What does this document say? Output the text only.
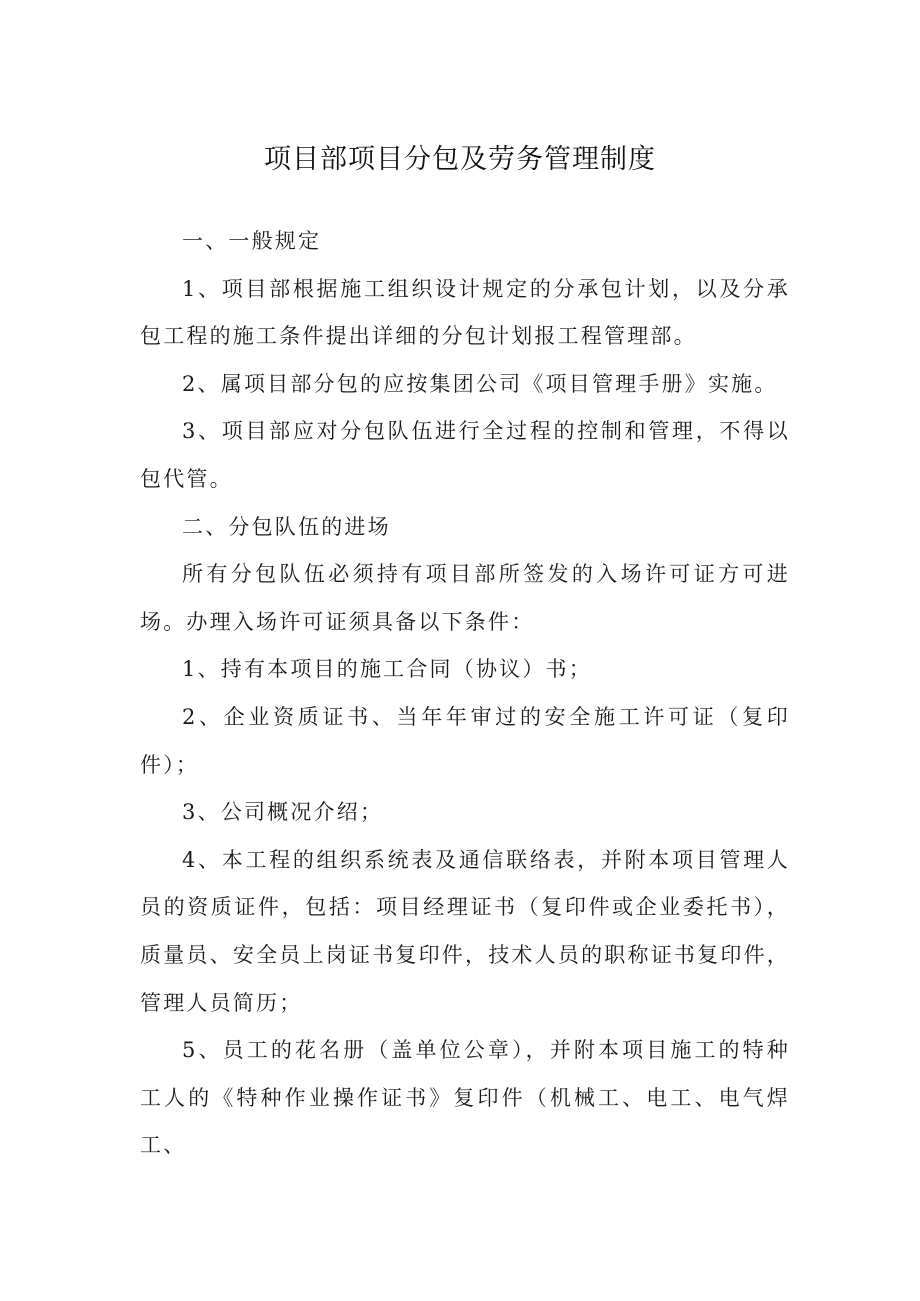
项目部项目分包及劳务管理制度

一、一般规定

1、项目部根据施工组织设计规定的分承包计划，以及分承包工程的施工条件提出详细的分包计划报工程管理部。

2、属项目部分包的应按集团公司《项目管理手册》实施。

3、项目部应对分包队伍进行全过程的控制和管理，不得以包代管。

二、分包队伍的进场

所有分包队伍必须持有项目部所签发的入场许可证方可进场。办理入场许可证须具备以下条件：

1、持有本项目的施工合同（协议）书；

2、企业资质证书、当年年审过的安全施工许可证（复印件）；

3、公司概况介绍；

4、本工程的组织系统表及通信联络表，并附本项目管理人员的资质证件，包括：项目经理证书（复印件或企业委托书），质量员、安全员上岗证书复印件，技术人员的职称证书复印件，管理人员简历；

5、员工的花名册（盖单位公章），并附本项目施工的特种工人的《特种作业操作证书》复印件（机械工、电工、电气焊工、
